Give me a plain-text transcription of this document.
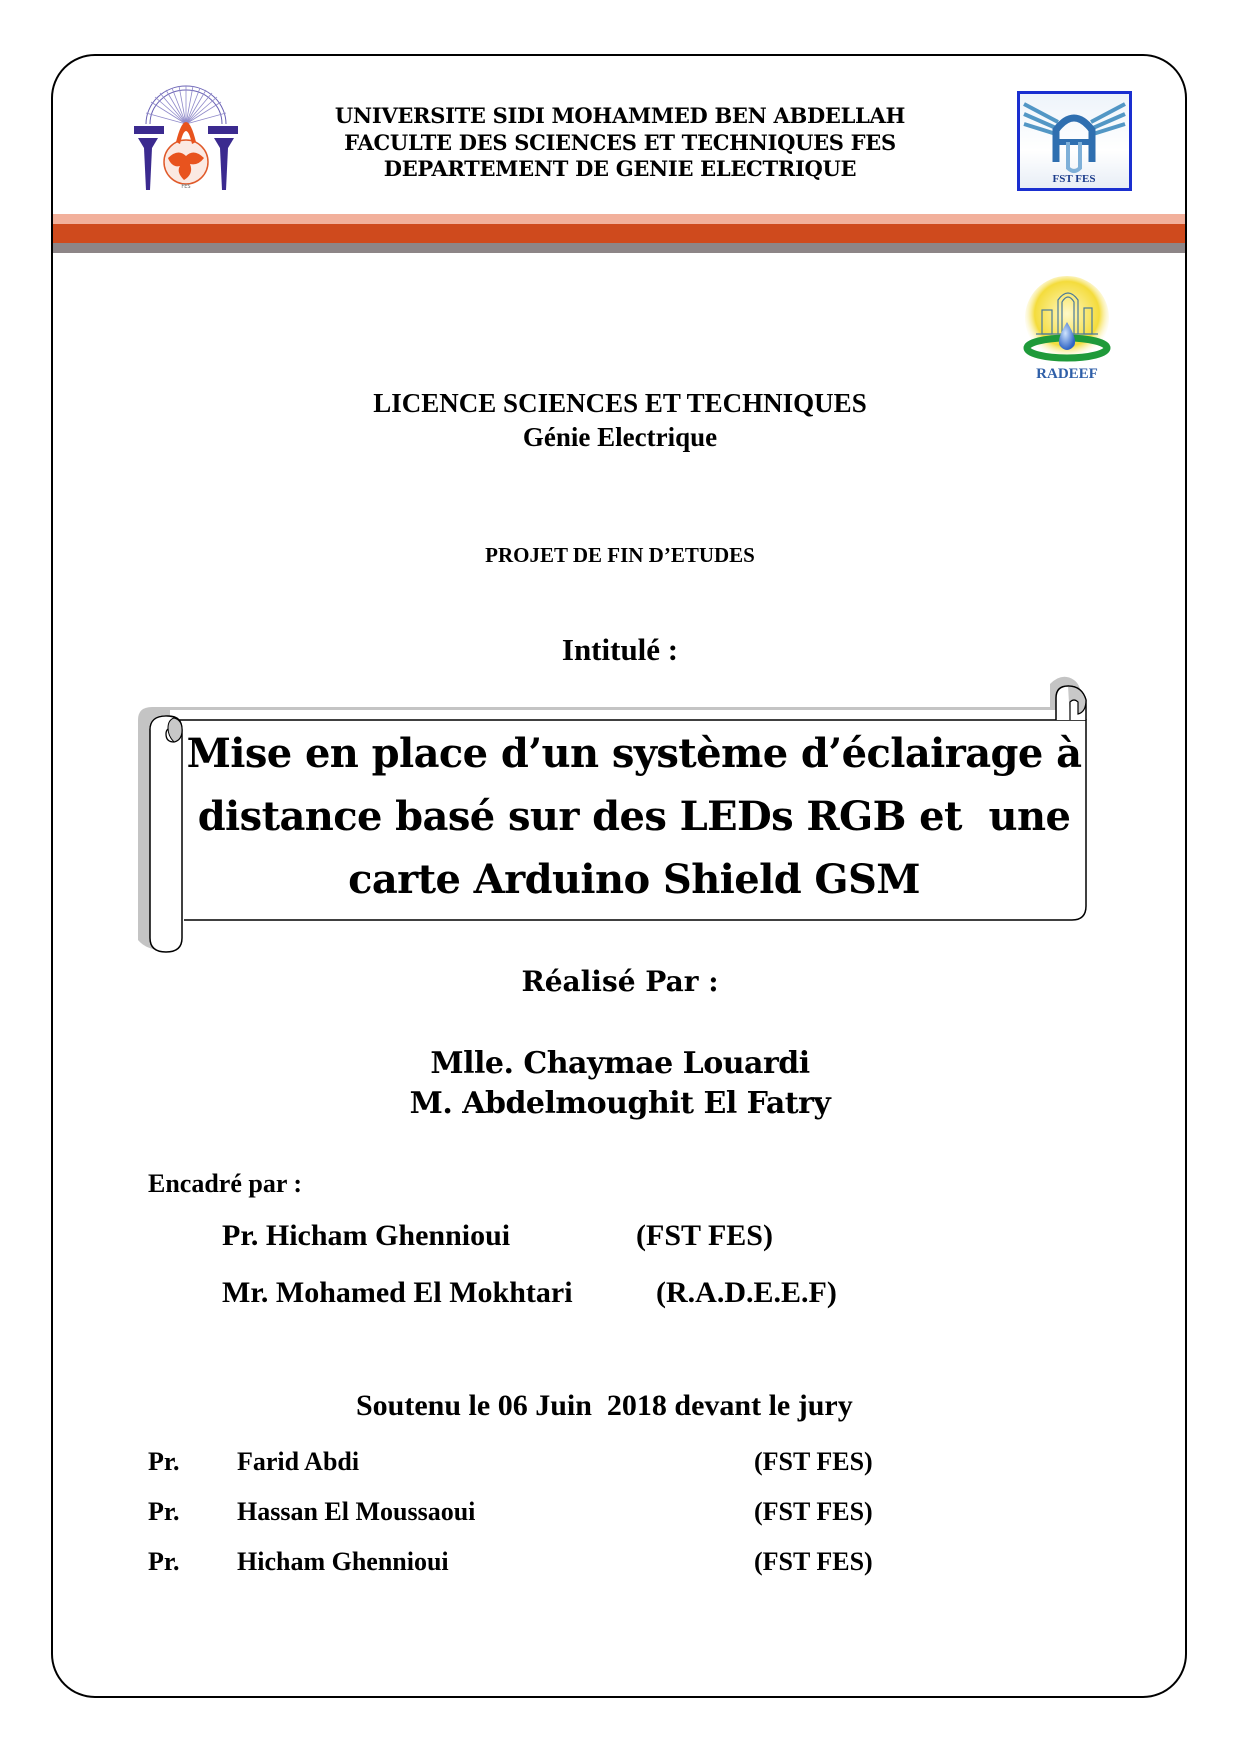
FES
UNIVERSITE SIDI MOHAMMED BEN ABDELLAH
FACULTE DES SCIENCES ET TECHNIQUES FES
DEPARTEMENT DE GENIE ELECTRIQUE	FST FES
RADEEF
LICENCE SCIENCES ET TECHNIQUES
Génie Electrique
PROJET DE FIN D’ETUDES
Intitulé :
Mise en place d’un système d’éclairage à
distance basé sur des LEDs RGB et  une
carte Arduino Shield GSM
Réalisé Par :
Mlle. Chaymae Louardi
M. Abdelmoughit El Fatry
Encadré par :
Pr. Hicham Ghennioui	(FST FES)
Mr. Mohamed El Mokhtari	(R.A.D.E.E.F)
Soutenu le 06 Juin  2018 devant le jury
Pr. Farid Abdi	(FST FES)
Pr. Hassan El Moussaoui	(FST FES)
Pr. Hicham Ghennioui	(FST FES)
